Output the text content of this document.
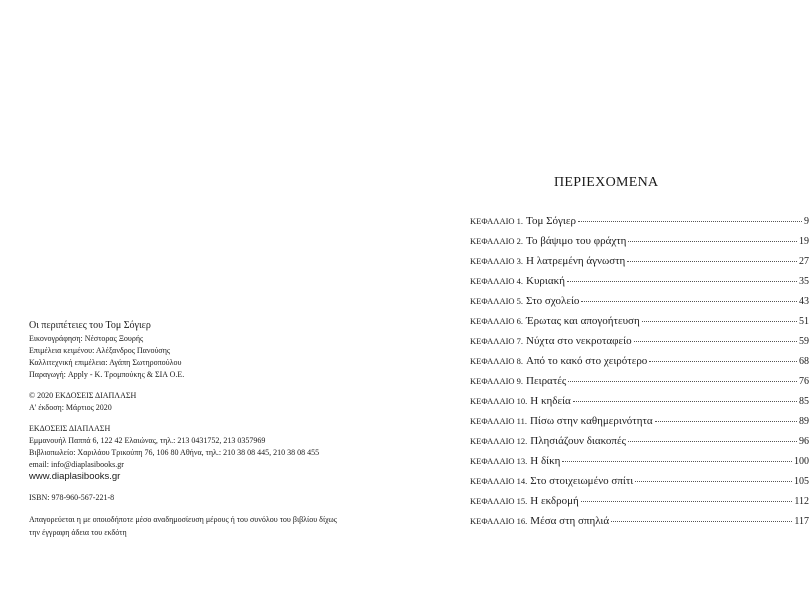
Οι περιπέτειες του Τομ Σόγιερ
Εικονογράφηση: Νέστορας Ξουρής
Επιμέλεια κειμένου: Αλέξανδρος Πανούσης
Καλλιτεχνική επιμέλεια: Αγάπη Σωτηροπούλου
Παραγωγή: Apply - Κ. Τρομπούκης & ΣΙΑ Ο.Ε.
© 2020 ΕΚΔΟΣΕΙΣ ΔΙΑΠΛΑΣΗ
Α' έκδοση: Μάρτιος 2020
ΕΚΔΟΣΕΙΣ ΔΙΑΠΛΑΣΗ
Εμμανουήλ Παππά 6, 122 42 Ελαιώνας, τηλ.: 213 0431752, 213 0357969
Βιβλιοπωλείο: Χαριλάου Τρικούπη 76, 106 80 Αθήνα, τηλ.: 210 38 08 445, 210 38 08 455
email: info@diaplasibooks.gr
www.diaplasibooks.gr
ISBN: 978-960-567-221-8
Απαγορεύεται η με οποιοδήποτε μέσο αναδημοσίευση μέρους ή του συνόλου του βιβλίου δίχως την έγγραφη άδεια του εκδότη
ΠΕΡΙΕΧΟΜΕΝΑ
ΚΕΦΑΛΑΙΟ 1. Τομ Σόγιερ	9
ΚΕΦΑΛΑΙΟ 2. Το βάψιμο του φράχτη	19
ΚΕΦΑΛΑΙΟ 3. Η λατρεμένη άγνωστη	27
ΚΕΦΑΛΑΙΟ 4. Κυριακή	35
ΚΕΦΑΛΑΙΟ 5. Στο σχολείο	43
ΚΕΦΑΛΑΙΟ 6. Έρωτας και απογοήτευση	51
ΚΕΦΑΛΑΙΟ 7. Νύχτα στο νεκροταφείο	59
ΚΕΦΑΛΑΙΟ 8. Από το κακό στο χειρότερο	68
ΚΕΦΑΛΑΙΟ 9. Πειρατές	76
ΚΕΦΑΛΑΙΟ 10. Η κηδεία	85
ΚΕΦΑΛΑΙΟ 11. Πίσω στην καθημερινότητα	89
ΚΕΦΑΛΑΙΟ 12. Πλησιάζουν διακοπές	96
ΚΕΦΑΛΑΙΟ 13. Η δίκη	100
ΚΕΦΑΛΑΙΟ 14. Στο στοιχειωμένο σπίτι	105
ΚΕΦΑΛΑΙΟ 15. Η εκδρομή	112
ΚΕΦΑΛΑΙΟ 16. Μέσα στη σπηλιά	117
